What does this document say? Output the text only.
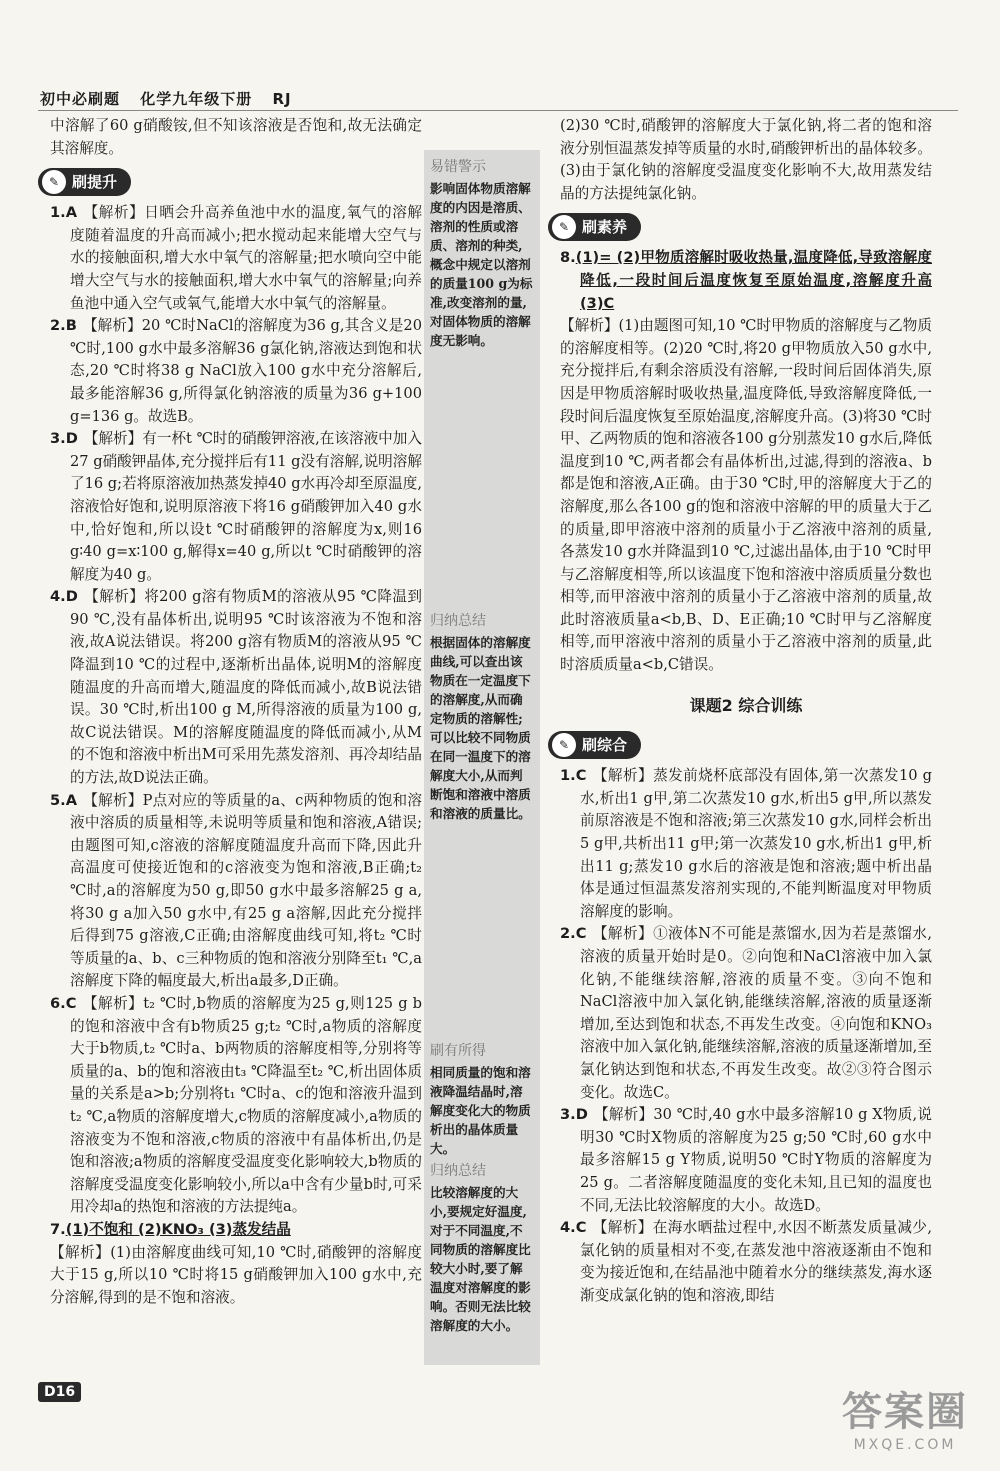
初中必刷题 化学九年级下册 RJ

中溶解了60 g硝酸铵,但不知该溶液是否饱和,故无法确定其溶解度。

✎ 刷提升

1.A 【解析】日晒会升高养鱼池中水的温度,氧气的溶解度随着温度的升高而减小;把水搅动起来能增大空气与水的接触面积,增大水中氧气的溶解量;把水喷向空中能增大空气与水的接触面积,增大水中氧气的溶解量;向养鱼池中通入空气或氧气,能增大水中氧气的溶解量。

2.B 【解析】20 ℃时NaCl的溶解度为36 g,其含义是20 ℃时,100 g水中最多溶解36 g氯化钠,溶液达到饱和状态,20 ℃时将38 g NaCl放入100 g水中充分溶解后,最多能溶解36 g,所得氯化钠溶液的质量为36 g+100 g=136 g。故选B。

3.D 【解析】有一杯t ℃时的硝酸钾溶液,在该溶液中加入27 g硝酸钾晶体,充分搅拌后有11 g没有溶解,说明溶解了16 g;若将原溶液加热蒸发掉40 g水再冷却至原温度,溶液恰好饱和,说明原溶液下将16 g硝酸钾加入40 g水中,恰好饱和,所以设t ℃时硝酸钾的溶解度为x,则16 g∶40 g=x∶100 g,解得x=40 g,所以t ℃时硝酸钾的溶解度为40 g。

4.D 【解析】将200 g溶有物质M的溶液从95 ℃降温到90 ℃,没有晶体析出,说明95 ℃时该溶液为不饱和溶液,故A说法错误。将200 g溶有物质M的溶液从95 ℃降温到10 ℃的过程中,逐渐析出晶体,说明M的溶解度随温度的升高而增大,随温度的降低而减小,故B说法错误。30 ℃时,析出100 g M,所得溶液的质量为100 g,故C说法错误。M的溶解度随温度的降低而减小,从M的不饱和溶液中析出M可采用先蒸发溶剂、再冷却结晶的方法,故D说法正确。

5.A 【解析】P点对应的等质量的a、c两种物质的饱和溶液中溶质的质量相等,未说明等质量和饱和溶液,A错误;由题图可知,c溶液的溶解度随温度升高而下降,因此升高温度可使接近饱和的c溶液变为饱和溶液,B正确;t₂ ℃时,a的溶解度为50 g,即50 g水中最多溶解25 g a,将30 g a加入50 g水中,有25 g a溶解,因此充分搅拌后得到75 g溶液,C正确;由溶解度曲线可知,将t₂ ℃时等质量的a、b、c三种物质的饱和溶液分别降至t₁ ℃,a溶解度下降的幅度最大,析出a最多,D正确。

6.C 【解析】t₂ ℃时,b物质的溶解度为25 g,则125 g b的饱和溶液中含有b物质25 g;t₂ ℃时,a物质的溶解度大于b物质,t₂ ℃时a、b两物质的溶解度相等,分别将等质量的a、b的饱和溶液由t₃ ℃降温至t₂ ℃,析出固体质量的关系是a>b;分别将t₁ ℃时a、c的饱和溶液升温到t₂ ℃,a物质的溶解度增大,c物质的溶解度减小,a物质的溶液变为不饱和溶液,c物质的溶液中有晶体析出,仍是饱和溶液;a物质的溶解度受温度变化影响较大,b物质的溶解度受温度变化影响较小,所以a中含有少量b时,可采用冷却a的热饱和溶液的方法提纯a。

7.(1)不饱和 (2)KNO₃ (3)蒸发结晶

【解析】(1)由溶解度曲线可知,10 ℃时,硝酸钾的溶解度大于15 g,所以10 ℃时将15 g硝酸钾加入100 g水中,充分溶解,得到的是不饱和溶液。

易错警示
影响固体物质溶解度的内因是溶质、溶剂的性质或溶质、溶剂的种类,概念中规定以溶剂的质量100 g为标准,改变溶剂的量,对固体物质的溶解度无影响。
归纳总结
根据固体的溶解度曲线,可以查出该物质在一定温度下的溶解度,从而确定物质的溶解性;可以比较不同物质在同一温度下的溶解度大小,从而判断饱和溶液中溶质和溶液的质量比。
刷有所得
相同质量的饱和溶液降温结晶时,溶解度变化大的物质析出的晶体质量大。
归纳总结
比较溶解度的大小,要规定好温度,对于不同温度,不同物质的溶解度比较大小时,要了解温度对溶解度的影响。否则无法比较溶解度的大小。

(2)30 ℃时,硝酸钾的溶解度大于氯化钠,将二者的饱和溶液分别恒温蒸发掉等质量的水时,硝酸钾析出的晶体较多。(3)由于氯化钠的溶解度受温度变化影响不大,故用蒸发结晶的方法提纯氯化钠。

✎ 刷素养

8.(1)= (2)甲物质溶解时吸收热量,温度降低,导致溶解度降低,一段时间后温度恢复至原始温度,溶解度升高 (3)C

【解析】(1)由题图可知,10 ℃时甲物质的溶解度与乙物质的溶解度相等。(2)20 ℃时,将20 g甲物质放入50 g水中,充分搅拌后,有剩余溶质没有溶解,一段时间后固体消失,原因是甲物质溶解时吸收热量,温度降低,导致溶解度降低,一段时间后温度恢复至原始温度,溶解度升高。(3)将30 ℃时甲、乙两物质的饱和溶液各100 g分别蒸发10 g水后,降低温度到10 ℃,两者都会有晶体析出,过滤,得到的溶液a、b都是饱和溶液,A正确。由于30 ℃时,甲的溶解度大于乙的溶解度,那么各100 g的饱和溶液中溶解的甲的质量大于乙的质量,即甲溶液中溶剂的质量小于乙溶液中溶剂的质量,各蒸发10 g水并降温到10 ℃,过滤出晶体,由于10 ℃时甲与乙溶解度相等,所以该温度下饱和溶液中溶质质量分数也相等,而甲溶液中溶剂的质量小于乙溶液中溶剂的质量,故此时溶液质量a<b,B、D、E正确;10 ℃时甲与乙溶解度相等,而甲溶液中溶剂的质量小于乙溶液中溶剂的质量,此时溶质质量a<b,C错误。

课题2 综合训练
✎ 刷综合

1.C 【解析】蒸发前烧杯底部没有固体,第一次蒸发10 g水,析出1 g甲,第二次蒸发10 g水,析出5 g甲,所以蒸发前原溶液是不饱和溶液;第三次蒸发10 g水,同样会析出5 g甲,共析出11 g甲;第一次蒸发10 g水,析出1 g甲,析出11 g;蒸发10 g水后的溶液是饱和溶液;题中析出晶体是通过恒温蒸发溶剂实现的,不能判断温度对甲物质溶解度的影响。

2.C 【解析】①液体N不可能是蒸馏水,因为若是蒸馏水,溶液的质量开始时是0。②向饱和NaCl溶液中加入氯化钠,不能继续溶解,溶液的质量不变。③向不饱和NaCl溶液中加入氯化钠,能继续溶解,溶液的质量逐渐增加,至达到饱和状态,不再发生改变。④向饱和KNO₃溶液中加入氯化钠,能继续溶解,溶液的质量逐渐增加,至氯化钠达到饱和状态,不再发生改变。故②③符合图示变化。故选C。

3.D 【解析】30 ℃时,40 g水中最多溶解10 g X物质,说明30 ℃时X物质的溶解度为25 g;50 ℃时,60 g水中最多溶解15 g Y物质,说明50 ℃时Y物质的溶解度为25 g。二者溶解度随温度的变化未知,且已知的温度也不同,无法比较溶解度的大小。故选D。

4.C 【解析】在海水晒盐过程中,水因不断蒸发质量减少,氯化钠的质量相对不变,在蒸发池中溶液逐渐由不饱和变为接近饱和,在结晶池中随着水分的继续蒸发,海水逐渐变成氯化钠的饱和溶液,即结

D16	答案圈
MXQE.COM
